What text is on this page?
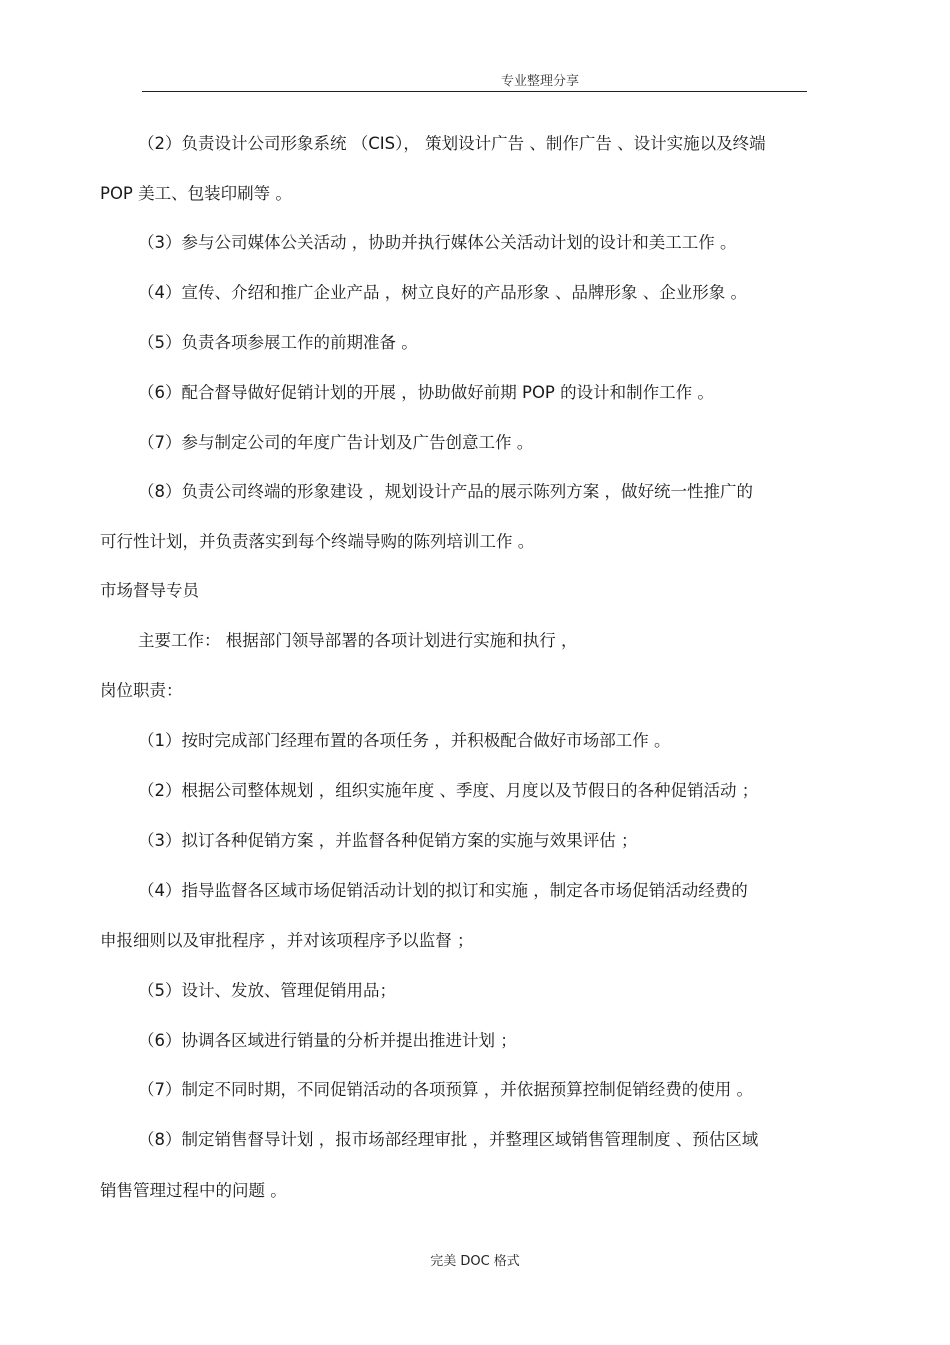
专业整理分享
（2）负责设计公司形象系统 （CIS）， 策划设计广告 、制作广告 、设计实施以及终端
POP 美工、包装印刷等 。
（3）参与公司媒体公关活动 ，协助并执行媒体公关活动计划的设计和美工工作 。
（4）宣传、介绍和推广企业产品 ，树立良好的产品形象 、品牌形象 、企业形象 。
（5）负责各项参展工作的前期准备 。
（6）配合督导做好促销计划的开展 ，协助做好前期 POP 的设计和制作工作 。
（7）参与制定公司的年度广告计划及广告创意工作 。
（8）负责公司终端的形象建设 ，规划设计产品的展示陈列方案 ，做好统一性推广的
可行性计划，并负责落实到每个终端导购的陈列培训工作 。
市场督导专员
主要工作： 根据部门领导部署的各项计划进行实施和执行 ，
岗位职责：
（1）按时完成部门经理布置的各项任务 ，并积极配合做好市场部工作 。
（2）根据公司整体规划 ，组织实施年度 、季度、月度以及节假日的各种促销活动 ；
（3）拟订各种促销方案 ，并监督各种促销方案的实施与效果评估 ；
（4）指导监督各区域市场促销活动计划的拟订和实施 ，制定各市场促销活动经费的
申报细则以及审批程序 ，并对该项程序予以监督 ；
（5）设计、发放、管理促销用品；
（6）协调各区域进行销量的分析并提出推进计划 ；
（7）制定不同时期，不同促销活动的各项预算 ，并依据预算控制促销经费的使用 。
（8）制定销售督导计划 ，报市场部经理审批 ，并整理区域销售管理制度 、预估区域
销售管理过程中的问题 。
完美 DOC 格式
